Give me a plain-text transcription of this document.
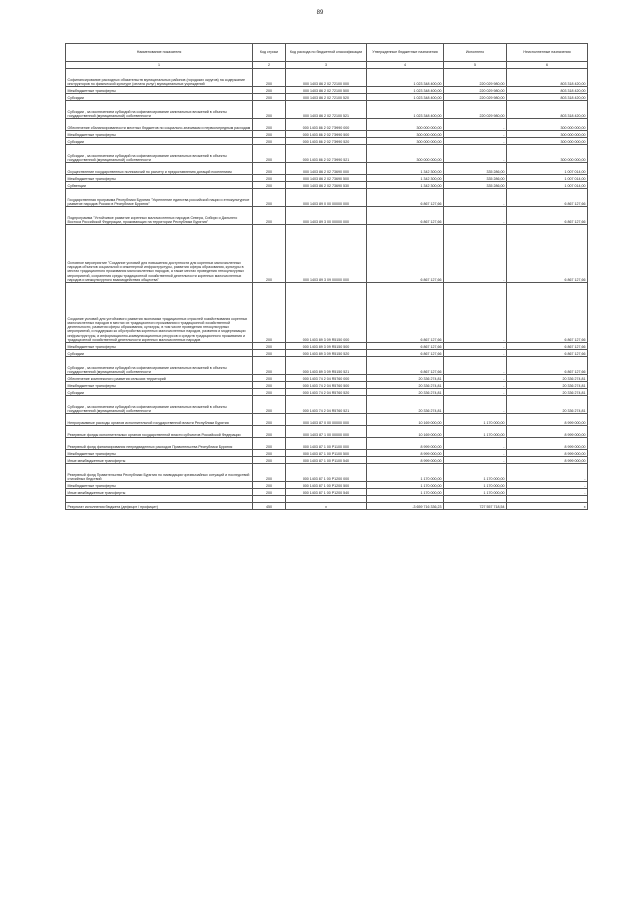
89
Наименование показателя	Код строки	Код расхода по бюджетной классификации	Утвержденные бюджетные назначения	Исполнено	Неисполненные назначения
1	2	3	4	5	6
Софинансирование расходных обязательств муниципальных районов (городских округов) на содержание инструкторов по физической культуре (оплата услуг) муниципальных учреждений	200	000 1403 86 2 02 72100 000	1 023 348 400,00	220 029 980,00	803 318 420,00
Межбюджетные трансферты	200	000 1403 86 2 02 72100 500	1 023 348 400,00	220 029 980,00	803 318 420,00
Субсидии	200	000 1403 86 2 02 72100 520	1 023 348 400,00	220 029 980,00	803 318 420,00
Субсидии , за исключением субсидий на софинансирование капитальных вложений в объекты государственной (муниципальной) собственности	200	000 1403 86 2 02 72100 521	1 023 348 400,00	220 029 980,00	803 318 420,00
Обеспечение сбалансированности местных бюджетов по социально-значимым и первоочередным расходам	200	000 1403 86 2 02 7Э990 000	300 000 000,00	-	300 000 000,00
Межбюджетные трансферты	200	000 1403 86 2 02 7Э990 500	300 000 000,00	-	300 000 000,00
Субсидии	200	000 1403 86 2 02 7Э990 520	300 000 000,00	-	300 000 000,00
Субсидии , за исключением субсидий на софинансирование капитальных вложений в объекты государственной (муниципальной) собственности	200	000 1403 86 2 02 7Э990 521	300 000 000,00	-	300 000 000,00
Осуществление государственных полномочий по расчету и предоставлению дотаций поселениям	200	000 1403 86 2 02 73690 000	1 342 300,00	335 286,00	1 007 014,00
Межбюджетные трансферты	200	000 1403 86 2 02 73690 500	1 342 300,00	335 286,00	1 007 014,00
Субвенции	200	000 1403 86 2 02 73690 530	1 342 300,00	335 286,00	1 007 014,00
Государственная программа Республики Бурятия "Укрепление единства российской нации и этнокультурное развитие народов России в Республике Бурятия"	200	000 1403 89 0 00 00000 000	6 867 127,66	-	6 867 127,66
Подпрограмма "Устойчивое развитие коренных малочисленных народов Севера, Сибири и Дальнего Востока Российской Федерации, проживающих на территории Республики Бурятия"	200	000 1403 89 3 00 00000 000	6 867 127,66	-	6 867 127,66
Основное мероприятие "Создание условий для повышения доступности для коренных малочисленных народов объектов социальной и инженерной инфраструктуры, развития сферы образования, культуры в местах традиционного проживания малочисленных народов, а также местах проведения этнокультурных мероприятий, сохранения среды традиционной хозяйственной деятельности коренных малочисленных народов и межкультурного взаимодействия общества"	200	000 1403 89 3 09 00000 000	6 867 127,66	-	6 867 127,66
Создание условий для устойчивого развития экономики традиционных отраслей хозяйствования коренных малочисленных народов в местах их традиционного проживания и традиционной хозяйственной деятельности, развития сферы образования, культуры, в том числе проведения этнокультурных мероприятий, и поддержки ко обустройства коренных малочисленных народов, развития и модернизации инфраструктуры, и информационно-коммуникационных ресурсов и средств традиционного проживания и традиционной хозяйственной деятельности коренных малочисленных народов	200	000 1403 89 3 09 R5150 000	6 867 127,66	-	6 867 127,66
Межбюджетные трансферты	200	000 1403 89 3 09 R5150 500	6 867 127,66	-	6 867 127,66
Субсидии	200	000 1403 89 3 09 R5150 520	6 867 127,66	-	6 867 127,66
Субсидии , за исключением субсидий на софинансирование капитальных вложений в объекты государственной (муниципальной) собственности	200	000 1403 89 3 09 R5150 521	6 867 127,66	-	6 867 127,66
Обеспечение комплексного развития сельских территорий	200	000 1403 74 2 04 R5760 000	20 336 274,81	-	20 336 274,81
Межбюджетные трансферты	200	000 1403 74 2 04 R5760 500	20 336 274,81	-	20 336 274,81
Субсидии	200	000 1403 74 2 04 R5760 520	20 336 274,81	-	20 336 274,81
Субсидии , за исключением субсидий на софинансирование капитальных вложений в объекты государственной (муниципальной) собственности	200	000 1403 74 2 04 R5760 521	20 336 274,81	-	20 336 274,81
Непрограммные расходы органов исполнительной государственной власти Республики Бурятия	200	000 1403 87 0 00 00000 000	10 169 000,00	1 170 000,00	8 999 000,00
Резервные фонды исполнительных органов государственной власти субъектов Российской Федерации	200	000 1403 87 1 00 00000 000	10 169 000,00	1 170 000,00	8 999 000,00
Резервный фонд финансирования непредвиденных расходов Правительства Республики Бурятия	200	000 1403 87 1 00 Р1100 000	8 999 000,00	-	8 999 000,00
Межбюджетные трансферты	200	000 1403 87 1 00 Р1100 500	8 999 000,00	-	8 999 000,00
Иные межбюджетные трансферты	200	000 1403 87 1 00 Р1100 540	8 999 000,00	-	8 999 000,00
Резервный фонд Правительства Республики Бурятия по ликвидации чрезвычайных ситуаций и последствий стихийных бедствий	200	000 1403 87 1 00 Р1200 000	1 170 000,00	1 170 000,00	-
Межбюджетные трансферты	200	000 1403 87 1 00 Р1200 500	1 170 000,00	1 170 000,00	-
Иные межбюджетные трансферты	200	000 1403 87 1 00 Р1200 540	1 170 000,00	1 170 000,00	-

Результат исполнения бюджета (дефицит / профицит)	450	x	-3 659 716 336,23	727 557 718,54	x
